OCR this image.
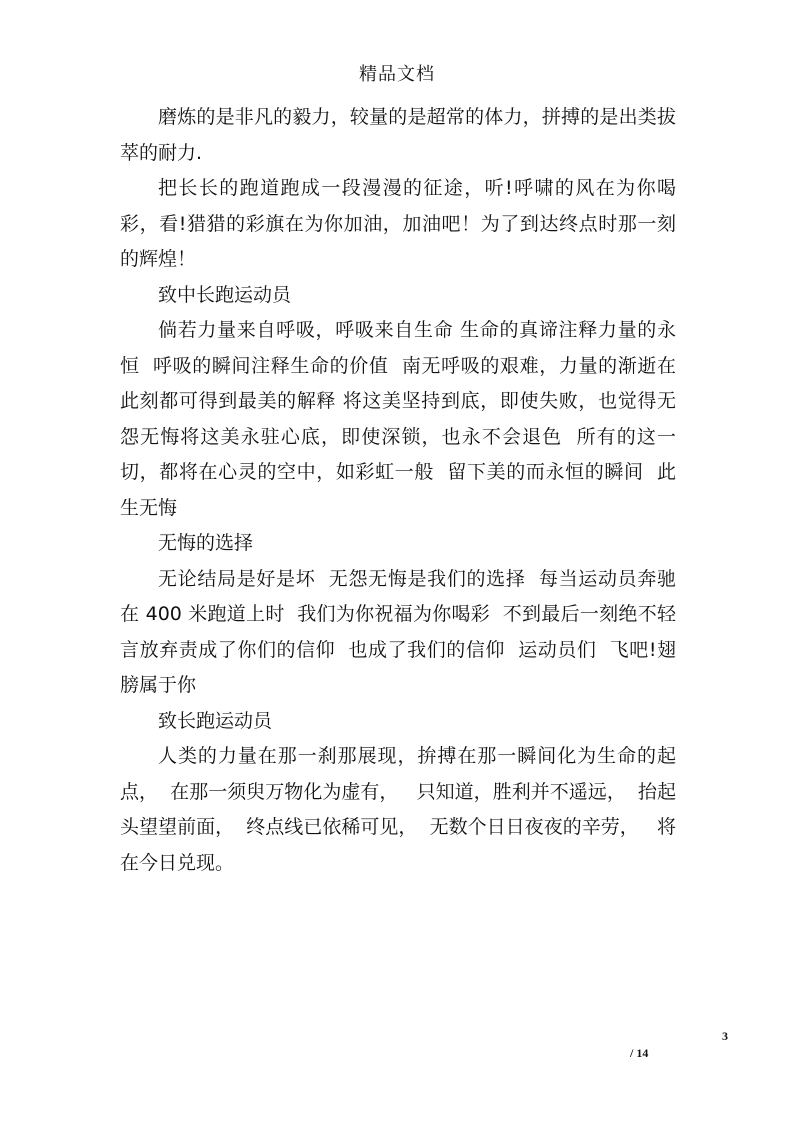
精品文档

磨炼的是非凡的毅力，较量的是超常的体力，拼搏的是出类拔萃的耐力.

把长长的跑道跑成一段漫漫的征途，听!呼啸的风在为你喝彩，看!猎猎的彩旗在为你加油，加油吧！为了到达终点时那一刻的辉煌！

致中长跑运动员

倘若力量来自呼吸，呼吸来自生命 生命的真谛注释力量的永恒  呼吸的瞬间注释生命的价值  南无呼吸的艰难，力量的渐逝在此刻都可得到最美的解释 将这美坚持到底，即使失败，也觉得无怨无悔将这美永驻心底，即使深锁，也永不会退色  所有的这一切，都将在心灵的空中，如彩虹一般  留下美的而永恒的瞬间  此生无悔

无悔的选择

无论结局是好是坏  无怨无悔是我们的选择  每当运动员奔驰在 400 米跑道上时  我们为你祝福为你喝彩  不到最后一刻绝不轻言放弃责成了你们的信仰  也成了我们的信仰  运动员们  飞吧!翅膀属于你

致长跑运动员

人类的力量在那一刹那展现，拚搏在那一瞬间化为生命的起点，  在那一须臾万物化为虚有，   只知道，胜利并不遥远，  抬起头望望前面，  终点线已依稀可见，  无数个日日夜夜的辛劳，   将在今日兑现。

3
/ 14
